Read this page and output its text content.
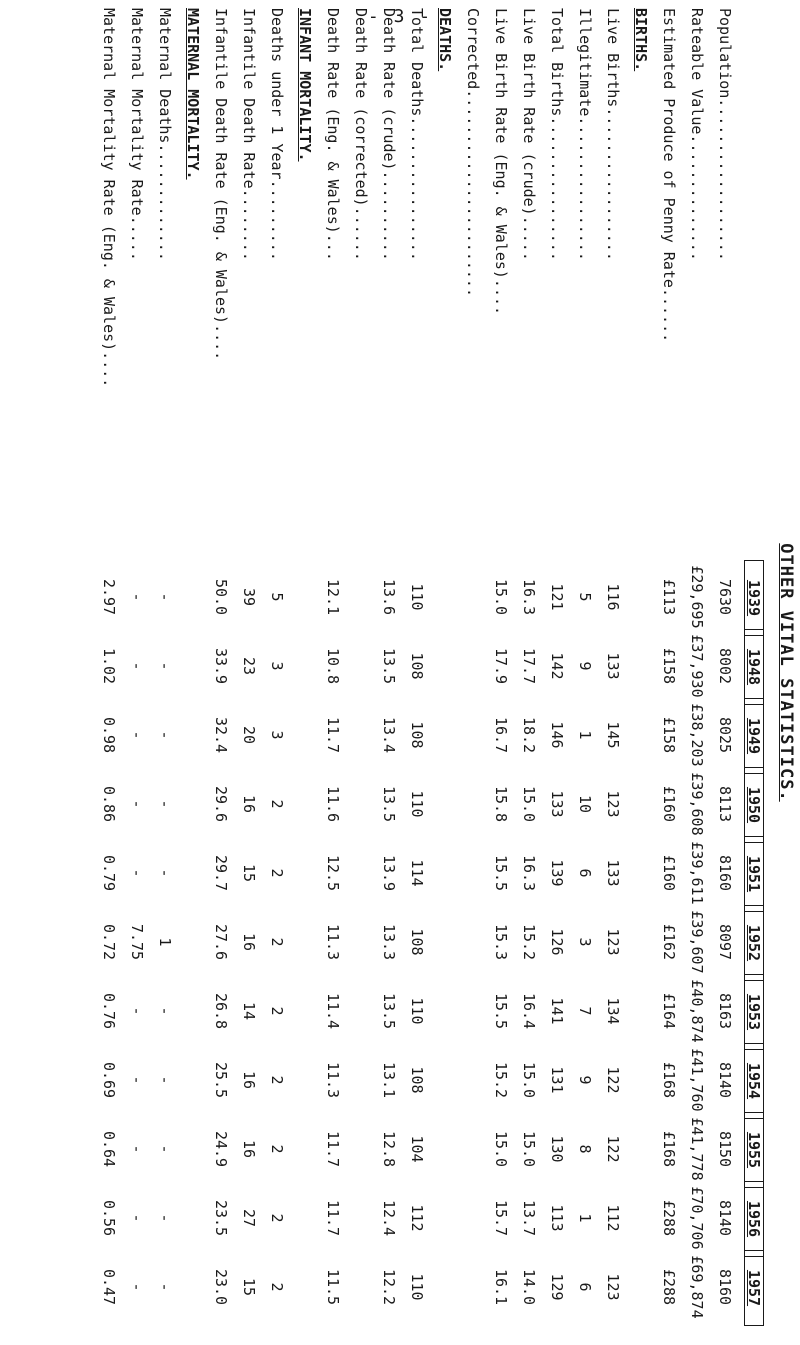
- 3 -
OTHER VITAL STATISTICS.
1939
1948
1949
1950
1951
1952
1953
1954
1955
1956
1957
Population..................
7630
8002
8025
8113
8160
8097
8163
8140
8150
8140
8160
Rateable Value..............
£29,695
£37,930
£38,203
£39,608
£39,611
£39,607
£40,874
£41,760
£41,778
£70,706
£69,874
Estimated Produce of Penny Rate......
£113
£158
£158
£160
£160
£162
£164
£168
£168
£288
£288
BIRTHS.
Live Births.................
116
133
145
123
133
123
134
122
122
112
123
Illegitimate................
5
9
1
10
6
3
7
9
8
1
6
Total Births................
121
142
146
133
139
126
141
131
130
113
129
Live Birth Rate (crude).....
16.3
17.7
18.2
15.0
16.3
15.2
16.4
15.0
15.0
13.7
14.0
Live Birth Rate (Eng. & Wales)....
15.0
17.9
16.7
15.8
15.5
15.3
15.5
15.2
15.0
15.7
16.1
Corrected.......................
DEATHS.
Total Deaths................
110
108
108
110
114
108
110
108
104
112
110
Death Rate (crude)..........
13.6
13.5
13.4
13.5
13.9
13.3
13.5
13.1
12.8
12.4
12.2
Death Rate (corrected)......
Death Rate (Eng. & Wales)...
12.1
10.8
11.7
11.6
12.5
11.3
11.4
11.3
11.7
11.7
11.5
INFANT MORTALITY.
Deaths under 1 Year.........
5
3
3
2
2
2
2
2
2
2
2
Infantile Death Rate........
39
23
20
16
15
16
14
16
16
27
15
Infantile Death Rate (Eng. & Wales)....
50.0
33.9
32.4
29.6
29.7
27.6
26.8
25.5
24.9
23.5
23.0
MATERNAL MORTALITY.
Maternal Deaths.............
-
-
-
-
-
1
-
-
-
-
-
Maternal Mortality Rate.....
-
-
-
-
-
7.75
-
-
-
-
-
Maternal Mortality Rate (Eng. & Wales)....
2.97
1.02
0.98
0.86
0.79
0.72
0.76
0.69
0.64
0.56
0.47
